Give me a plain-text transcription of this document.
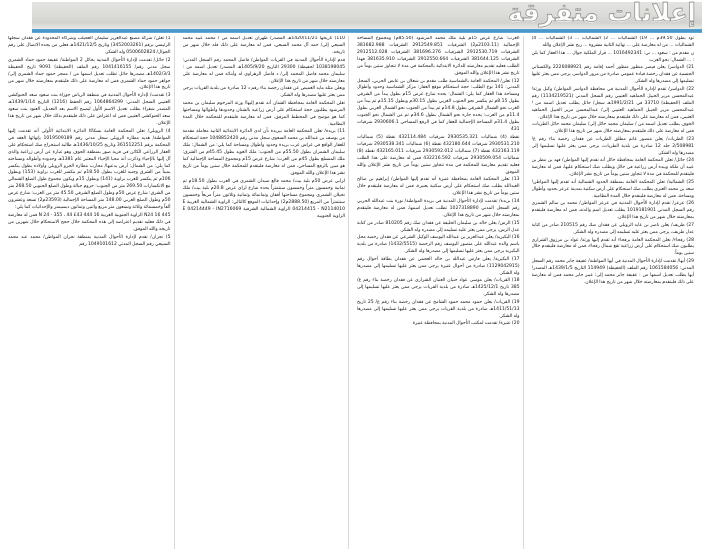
إعلانات متفرقة

تود بطول 39.50م ... 19) الشماليات ... 2) الشماليات ... 3) الشماليات ... 4) الشماليات ... من له معارضة على ... نهائية الثانية مشروة ... ريخ نشر الإعلان والله

ن مقدم من : سعود ... ني: 1016492341 ... قرار الملكية جوال ... هذا العقار كما يلي : ... الشمال: نحو الغرب

21) الدواسر/ يعلن فيصر منظور منظور أحمد إقامة رقم 2226088921 والكستاني الجنسية عن فقدان رخصة قيادة عمومي صادرة من مرور الدواسر، يرجى ممن يعثر عليها تسليمها إلى مصدرها وله الشكر.

22) الدواسر/ تقدم لإدارة الأحوال المدنية في محافظة الدواسر المواطن/ وكيل ورثة/ عبدالمحسن مرير الخبيل الحماهيد العتيبي رقم السجل المدني (1134219521) رقم الملف (الحفيظة) 33710 في 1991/2/21هـ سجل/ حائل يطلب تعديل اسمه من / عبدالمحسن مرير الخبيل الحماهيد العتيبي إلى/ عبدالمحسن مرير الخبيل الحماهيد العتيبي، فمن له معارضة على ذلك فليتقدم بمعارضته خلال شهر من تاريخ هذا الإعلان.

الخوف يطلب تعديل اسمه من / سليمان محمد حائل إلى/ سليمان محمد حائل الطريات، فمن له معارضة على ذلك فليتقدم بمعارضته خلال شهر من تاريخ هذا الإعلان.

23) الطريات/ يعلن منصور غانم مطلق الطريات عن فقدان رخصة بناء رقم غ/ 2/508981 جلد 12 صادرة من بلدية الطريات، يرجى ممن يعثر عليها تسليمها إلى مصدرها وله الشكر.

24) حائل/ تعلن المحكمة العامة بمحافظة حائل أنه تقدم إليها المواطن/ فهد بن مطر بن عبيد أن ملكه وبيده أرض زراعية في حائل ويطلب صك استحكام عليها، فمن له معارضة فليتقدم للمحكمة في مدة لا تتجاوز ستين يوماً من تاريخ نشر الإعلان.

25) الشمالية/ تعلن المحكمة العامة بمنطقة الحدود الشمالية أنه تقدم إليها المواطن/ سعد بن محمد العنزي يطلب صك استحكام على أرض سكنية بمدينة عرعر بحدود وأطوال ومساحة، فمن له معارضة فليتقدم خلال المدة النظامية.

26) عرعر/ تقدم لإدارة الأحوال المدنية في عرعر المواطن/ محمد بن سالم الشمري رقم السجل المدني 1019181901 يطلب تعديل اسم والدته، فمن له معارضة فليتقدم بمعارضته خلال شهر من تاريخ هذا الإعلان.

27) طريف/ يعلن ناصر بن عايد الرويلي عن فقدان صك رقم 210515 صادر من كتابة عدل طريف، يرجى ممن يعثر عليه تسليمه إلى مصدره وله الشكر.

28) رفحاء/ تعلن المحكمة العامة برفحاء أنه تقدم إليها ورثة/ عواد بن مرزوق الشراري يطلبون صك استحكام على أرض زراعية تقع شمال رفحاء، فمن له معارضة فليتقدم خلال ستين يوماً.

29) أبها/ تقدمت لإدارة الأحوال المدنية في أبها المواطنة/ عفيفة جابر محمد رقم السجل المدني: 1061584056 رقم الملف (الحفيظة) 114949 التاريخ 1439/1/5هـ المصدر/ أبها يطلب تعديل اسمها من : عفيفة جابر محمد إلى: عبير جابر محمد فمن له معارضة على ذلك فليتقدم بمعارضته خلال شهر من تاريخ هذا الإعلان.

الغرب: شارع عرض 15م بلية ملك محمد المرشود (85.50م) ومجموع المساحة الإجمالية (2103.11م2) الشرقيات 2912549.851 الشرقيات 381682.988 الشرقيات 2912530.719 الشرقيات 381696.276 الشرقيات 2912512.028 الشرقيات 381644.125 الشرقيات 2912550.664 الشرقيات 381635.910 فهذا الطلب فعليه تقديم معارضته للدائرة الابتدائية بالمحكمة في مدة لا تتجاوز ستين يوماً من تاريخ نشر هذا الإعلان والله الموفق.

12) تعلن/ المحكمة العامة بالشماسية طلب مقدم بن شعلان بن عايض الحربي، السجل المدني: 141 نوع الطلب: حجة استحكام موقع العقار: مركز الشماسية وحدود وأطوال ومساحة هذا العقار كما يلي: الشمال: يحده شارع عرض 15م بطول يبدأ من الشرقي بطول 8.15م ثم ينكسر نحو الجنوب الغربي بطول 30.15م وبطول 15.15م ثم يبدأ من الغرب نحو الشمال الشرقي بطول 14.8م ثم يبدأ من الجنوب نحو الشمال الغربي بطول 11.4م من الغرب: يحده جاره نحو الشمال بطول 34.6م ثم من الشمال نحو الجنوب بطول 31.4م المساحة الإجمالية للعقار كما في الرفع المساحي 2930606.1 شرقيات 431

نقطة (4) شماليات 2930535.321 شرقيات 432114.484 نقطة (5) شماليات 2930531.210 شرقيات 432180.644 نقطة (6) شماليات 2930538.341 شرقيات 432163.119 نقطة (7) شماليات 2930592.012 شرقيات 432165.011 نقطة (8) شماليات 2930509.054 شرقيات 432216.592 فمن له معارضة على هذا الطلب فعليه تقديم معارضة للمحكمة في مدة تتجاوز ستين يوماً من تاريخ نشر الإعلان والله الموفق.

13) تعلن المحكمة العامة بمحافظة عنيزة أنه تقدم إليها المواطن/ إبراهيم بن صالح العبدالله يطلب صك استحكام على أرض سكنية بعنيزة، فمن له معارضة فليتقدم خلال ستين يوماً من تاريخ نشر هذا الإعلان.

14) بريدة/ تقدمت لإدارة الأحوال المدنية في بريدة المواطنة/ نورة بنت عبدالله الحربي رقم السجل المدني 1027318890 تطلب تعديل اسمها، فمن له معارضة فليتقدم بمعارضته خلال شهر من تاريخ هذا الإعلان.

15) الرس/ يعلن خالد بن سليمان الخليفة عن فقدان صك رقم 810205 صادر من كتابة عدل الرس، يرجى ممن يعثر عليه تسليمه إلى مصدره وله الشكر.

16) البكيرية/ يعلن عبدالعزيز بن عبدالله اليوسف الوكيل الشرعي عن فقدان رخصة محل باسم والده عبدالله على منصور اليوسف رقم الرخصة (1432/5515) صادرة من بلدية البكيرية يرجى ممن يعثر عليها تسليمها إلى مصدرها وله الشكر.

17) البكيرية/ يعلن فارس عبدالله بن خالد العجمي عن فقدان بطاقة أحوال رقم (1129042915) صادرة من أحوال عنيزة يرجى ممن يعثر عليها تسليمها إلى مصدرها وله الشكر.

18) القريات/ يعلن موسى عواد حنيان العنيان الشراري عن فقدان رخصة بناء رقم غ/ 385 تاريخ 1425/12/1هـ صادرة من بلدية القريات يرجى ممن يعثر عليها تسليمها إلى مصدرها وله الشكر.

19) القريات/ يعلن حمود محمد حمود الشامخ عن فقدان رخصة بناء رقم غ/ 25 تاريخ 1411/51/13هـ صادرة من بلدية القريات يرجى ممن يعثر عليها تسليمها إلى مصدرها وله الشكر.

20) عنيزة/ تقدمت لمكتب الأحوال المدنية بمحافظة عنيزة

110) تاريخها 1420/11/21هـ المصدر/ ظهران تعديل اسمه من / محمد عبيد محمد السبعي إلى/ حمد آل محمد السبعي، فمن له معارضة على ذلك فله خلال شهر من تاريخه.

قدم لإدارة الأحوال المدنية في القريات المواطن/ فاضل المحمد رقم السجل المدني: 1038198045 لحفيظة) 29300 التاريخ 1405/9/20هـ المصدر/ تعديل اسمه من : سليمان محمد فاضل المحمد إلى/ د فاضل الزهراوي له وأبنائه فمن له معارضة على معارضته خلال شهر من تاريخ هذا الإعلان.

ويعلن مثله مايد الغميص عن فقدان رخصة بناء رقم د 12 صادرة من بلدية القريات يرجى ممن يعثر عليها مصدرها وله الشكر.

تعلن المحكمة العامة بمحافظة الشنان أنه تقدم إليها/ ورثة المرحوم سليمان بن محمد المرشود يطلبون حجة استحكام على أرض زراعية بالشنان وحدودها وأطوالها ومساحتها كما هو موضح في المخطط المرفق، فمن له معارضة فليتقدم للمحكمة خلال المدة النظامية.

11) بريدة/ تعلن المحكمة العامة ببريدة بأن لدى الدائرة الابتدائية الثانية معاملة مقدمة من يوسف بن عبدالله بن محمد السعوي سجل مدني رقم 1048852420 حجة استحكام للعقار الواقع في غراس غرب بريدة وحدود وأطوال ومساحة كما يلي: من الشمال: ملك سليمان الشمران بطول 55.50م من الجنوب: ملك العويد بطول 45.45م من الشرق: ملك المنسلع بطول 45م من الغرب: شارع عرض 15م ومجموع المساحة الإجمالية كما هو مبين بالرفع المساحي، فمن له معارضة فليتقدم للمحكمة خلال ستين يوماً من تاريخ نشر هذا الإعلان والله الموفق.

لرابي عرض 50م بلية بيت/ محمد فالع ضيدان الشمري في الغرب بطول 18.50م ثم ثمانية وخمسون متراً وخمسون سنتمتراً يحده شارع لراي عرض 20.8م بلية بيت/ ملك نخيلان الشمري ومجموع مساحتها أفقان وثمانمائة وثمانية وثلاثون متراً مربعاً وخمسون سنتمتراً من المربع (2888.50م2) وإحداثيات الموقع كالتالي: الزاوية الشمالية الغربية E 04214415 - N2114010 الزاوية الشمالية الشرقية E 04214449 - IN2716069 الزاوية الجنوبية

1) تعلن/ شركة مصنع عبدالعزيز سليمان العجيلب وشركاه المحدودة عن فقدان سجلها الرئيسي برقم (3452003261) وتاريخ 1421/12/5هـ فعلى من يجده الاتصال على رقم الجوال/ 0500602824 وله الشكر.

2) حائل/ تقدمت لإدارة الأحوال المدنية بحائل 2 المواطنة/ عفيفة حمود حماد الشمري سجل مدني رقم/ 1041416155 رقم الملف (الحفيظة) 9091 تاريخ الحفيظة 1402/3/3هـ مصدرها حائل تطلب تعديل اسمها من / ممجر حمود حماد الشمري إلى/ جواهر حمود حماد الشمري فمن له معارضة على ذلك فليتقدم بمعارضته خلال شهر من تاريخ هذا الإعلان.

3) تقدمت/ لإدارة الأحوال المدنية في منطقة الرياض جوزاة بنت سعود سعد الحنوكشي العتيبي السجل المدني: 1064864299 رقم الحفظ (1216) التاريخ 1439/1/14هـ المصدر شقراء بطلب تعديل الاسم الأول ليصبح الاسم بعد التعديل، العنود بنت سعود سعد الحنوكشي العتيبي فمن له اعتراض على ذلك فليتقدم بذلك خلال شهر من تاريخ هذا الإعلان.

4) الرويلي/ تعلن المحكمة العامة بسكاكا الدائرة الابتدائية الأولى أنه تقدمت إليها المواطنة/ هديه مطاره الرويلي سجل مدني رقم 1019509189 بإنهائها العقد في المحكمة برقم 361512251 وتاريخ 1436/10/25هـ طالبة استخراج صك استحكام على العقار الزراعي الكائن في قرية صور بمنطقة الجوف وهو عبارة عن أرض زراعية والذي آل إليها بالإحياء وذكرت أنه محيا الإحياء المعتبر عام 1381هـ وحدوده وأطواله ومساحته كما يلي: من الشمال: أرض يدعيها/ محارب مطاره الجرو الرويلي وأولاده بطول ينكسر يميناً من الشرق وجنبه للغرب بطول 18.50م ثم ينكسر للغرب بزاوية (153) وبطول 106م ثم ينكسر للغرب بزاوية (141) وبطول 15م ويكون مجموع طول الضلع الشمالي مع الانكسارات 269.50 متر من الجنوب: حزوم جبالة وطول الضلع الجنوبي 268.50 متر من الشرق: شارع عرض 50م وطول الضلع الشرقي 45.50 متر من الغرب: شارع عرض 50م وطول الضلع الغربي 148.00 متر المساحة الإجمالية (23593م2) تسعة وعشرون ألفاً وخمسمائة وثلاثة وتسعون متر مربع واثنين وثمانون ديسيمتر والإحداثيات كما يلي:

N24 16 445 الزاوية الجنوبية الغربية N 24 - 355 ، 44 £43 444 16 فمن له معارضة في ذلك فعليه تقديم اعتراضه إلى هذه المحكمة خلال حجج الاستحكام خلال شهرين من تاريخه والله الموفق.

5) نجران/ تقدم لإدارة الأحوال المدنية بمنطقة نجران المواطن/ محمد عبد محمد السبيعي رقم السجل المدني 1049101612 رقم
